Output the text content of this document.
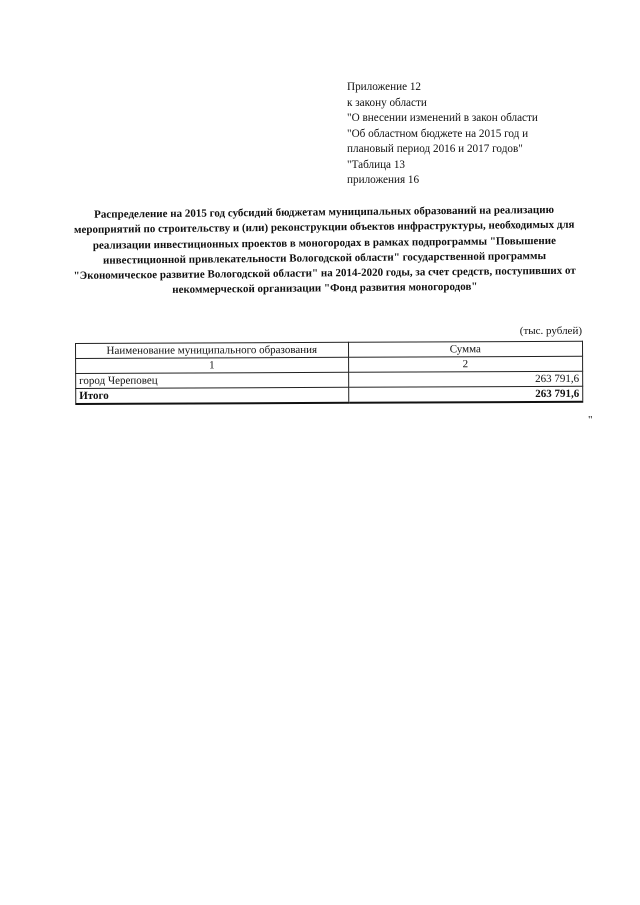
Приложение 12
к закону области
"О внесении изменений в закон области
"Об областном бюджете на 2015 год и
плановый период 2016 и 2017 годов"
"Таблица 13
приложения 16
Распределение на 2015 год субсидий бюджетам муниципальных образований на реализацию мероприятий по строительству и (или) реконструкции объектов инфраструктуры, необходимых для реализации инвестиционных проектов в моногородах в рамках подпрограммы "Повышение инвестиционной привлекательности Вологодской области" государственной программы "Экономическое развитие Вологодской области" на 2014-2020 годы, за счет средств, поступивших от некоммерческой организации "Фонд развития моногородов"
(тыс. рублей)
Наименование муниципального образования	Сумма
1	2
город Череповец	263 791,6
Итого	263 791,6
"
